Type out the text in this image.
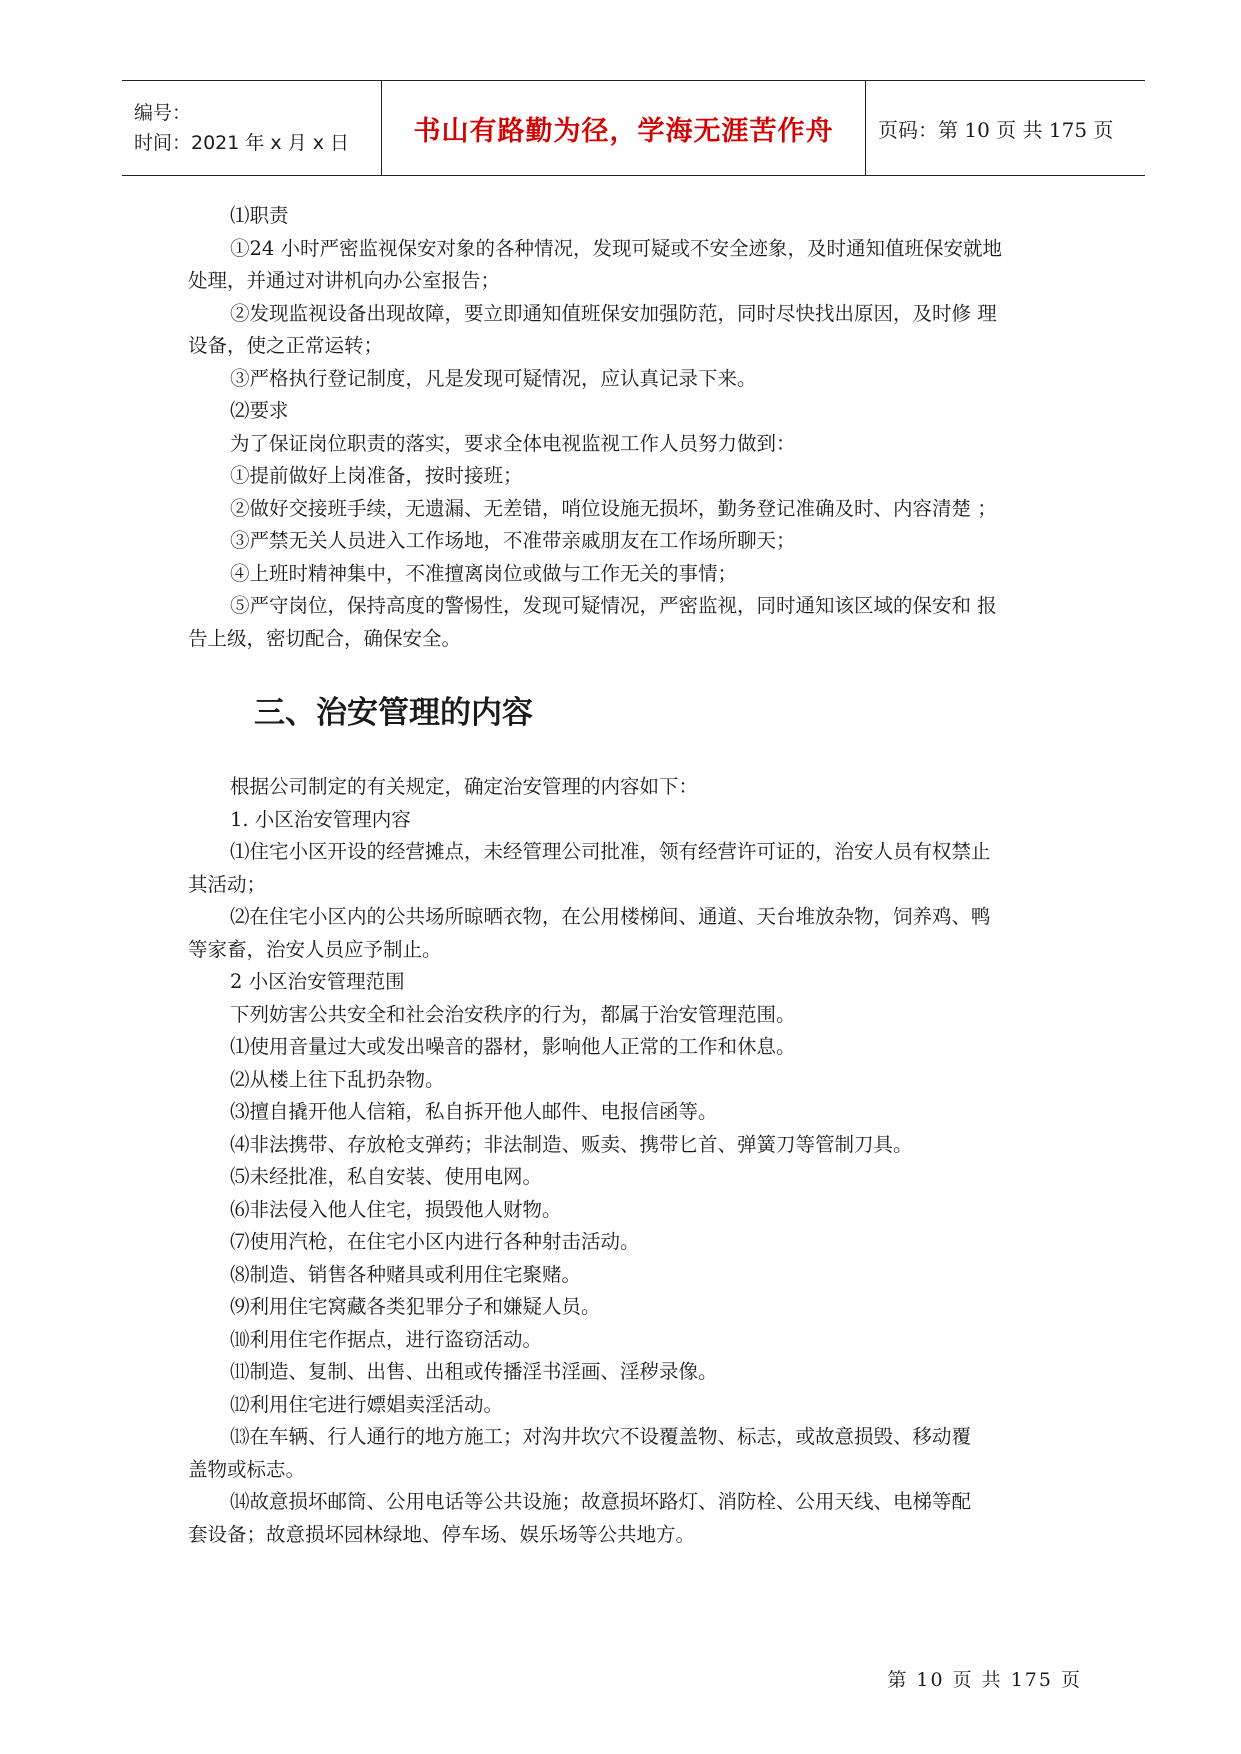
编号：
时间：2021 年 x 月 x 日	书山有路勤为径，学海无涯苦作舟	页码：第 10 页 共 175 页

⑴职责

①24 小时严密监视保安对象的各种情况，发现可疑或不安全迹象，及时通知值班保安就地

处理，并通过对讲机向办公室报告；

②发现监视设备出现故障，要立即通知值班保安加强防范，同时尽快找出原因，及时修 理

设备，使之正常运转；

③严格执行登记制度，凡是发现可疑情况，应认真记录下来。

⑵要求

为了保证岗位职责的落实，要求全体电视监视工作人员努力做到：

①提前做好上岗准备，按时接班；

②做好交接班手续，无遗漏、无差错，哨位设施无损坏，勤务登记准确及时、内容清楚 ；

③严禁无关人员进入工作场地，不准带亲戚朋友在工作场所聊天；

④上班时精神集中，不准擅离岗位或做与工作无关的事情；

⑤严守岗位，保持高度的警惕性，发现可疑情况，严密监视，同时通知该区域的保安和 报

告上级，密切配合，确保安全。

三、治安管理的内容

根据公司制定的有关规定，确定治安管理的内容如下：

1. 小区治安管理内容

⑴住宅小区开设的经营摊点，未经管理公司批准，领有经营许可证的，治安人员有权禁止

其活动；

⑵在住宅小区内的公共场所晾晒衣物，在公用楼梯间、通道、天台堆放杂物，饲养鸡、鸭

等家畜，治安人员应予制止。

2 小区治安管理范围

下列妨害公共安全和社会治安秩序的行为，都属于治安管理范围。

⑴使用音量过大或发出噪音的器材，影响他人正常的工作和休息。

⑵从楼上往下乱扔杂物。

⑶擅自撬开他人信箱，私自拆开他人邮件、电报信函等。

⑷非法携带、存放枪支弹药；非法制造、贩卖、携带匕首、弹簧刀等管制刀具。

⑸未经批准，私自安装、使用电网。

⑹非法侵入他人住宅，损毁他人财物。

⑺使用汽枪，在住宅小区内进行各种射击活动。

⑻制造、销售各种赌具或利用住宅聚赌。

⑼利用住宅窝藏各类犯罪分子和嫌疑人员。

⑽利用住宅作据点，进行盗窃活动。

⑾制造、复制、出售、出租或传播淫书淫画、淫秽录像。

⑿利用住宅进行嫖娼卖淫活动。

⒀在车辆、行人通行的地方施工；对沟井坎穴不设覆盖物、标志，或故意损毁、移动覆

盖物或标志。

⒁故意损坏邮筒、公用电话等公共设施；故意损坏路灯、消防栓、公用天线、电梯等配

套设备；故意损坏园林绿地、停车场、娱乐场等公共地方。

第 10 页 共 175 页
